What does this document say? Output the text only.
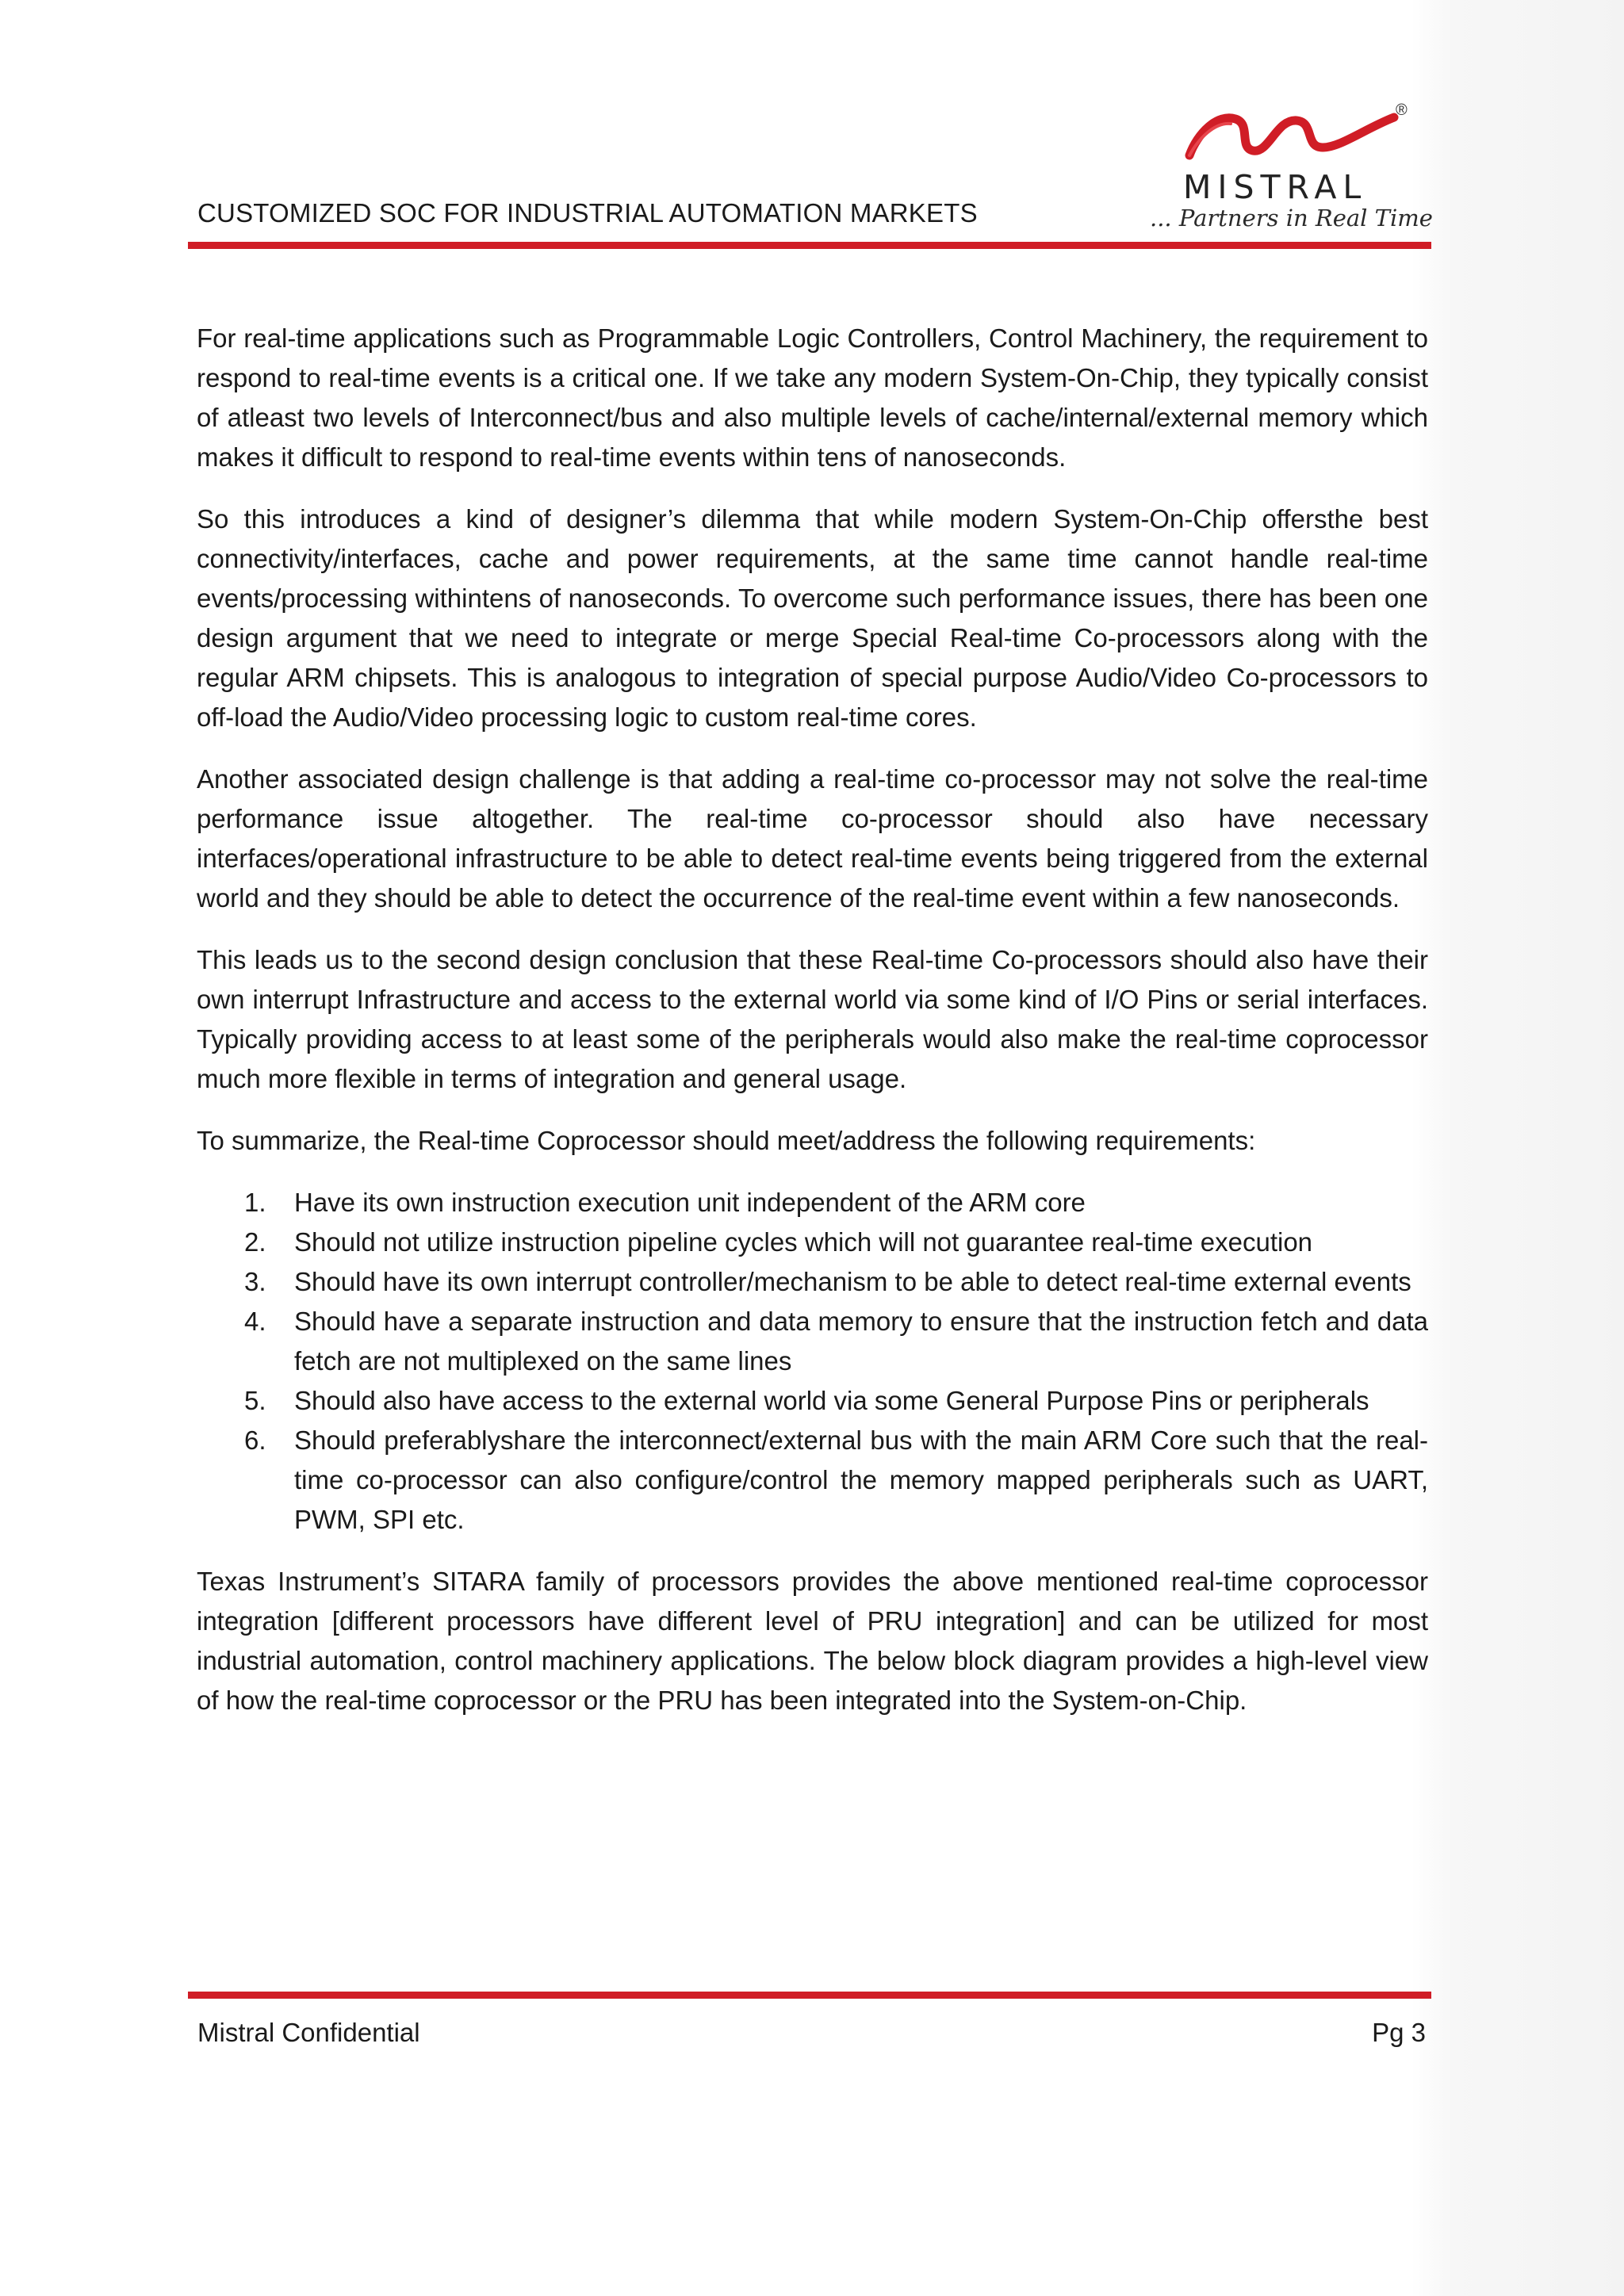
CUSTOMIZED SOC FOR INDUSTRIAL AUTOMATION MARKETS
®
MISTRAL
... Partners in Real Time

For real-time applications such as Programmable Logic Controllers, Control Machinery, the requirement to respond to real-time events is a critical one. If we take any modern System-On-Chip, they typically consist of atleast two levels of Interconnect/bus and also multiple levels of cache/internal/external memory which makes it difficult to respond to real-time events within tens of nanoseconds.

So this introduces a kind of designer’s dilemma that while modern System-On-Chip offersthe best connectivity/interfaces, cache and power requirements, at the same time cannot handle real-time events/processing withintens of nanoseconds. To overcome such performance issues, there has been one design argument that we need to integrate or merge Special Real-time Co-processors along with the regular ARM chipsets. This is analogous to integration of special purpose Audio/Video Co-processors to off-load the Audio/Video processing logic to custom real-time cores.

Another associated design challenge is that adding a real-time co-processor may not solve the real-time performance issue altogether. The real-time co-processor should also have necessary interfaces/operational infrastructure to be able to detect real-time events being triggered from the external world and they should be able to detect the occurrence of the real-time event within a few nanoseconds.

This leads us to the second design conclusion that these Real-time Co-processors should also have their own interrupt Infrastructure and access to the external world via some kind of I/O Pins or serial interfaces. Typically providing access to at least some of the peripherals would also make the real-time coprocessor much more flexible in terms of integration and general usage.

To summarize, the Real-time Coprocessor should meet/address the following requirements:

1. Have its own instruction execution unit independent of the ARM core
2. Should not utilize instruction pipeline cycles which will not guarantee real-time execution
3. Should have its own interrupt controller/mechanism to be able to detect real-time external events
4. Should have a separate instruction and data memory to ensure that the instruction fetch and data fetch are not multiplexed on the same lines
5. Should also have access to the external world via some General Purpose Pins or peripherals
6. Should preferablyshare the interconnect/external bus with the main ARM Core such that the real-time co-processor can also configure/control the memory mapped peripherals such as UART, PWM, SPI etc.

Texas Instrument’s SITARA family of processors provides the above mentioned real-time coprocessor integration [different processors have different level of PRU integration] and can be utilized for most industrial automation, control machinery applications. The below block diagram provides a high-level view of how the real-time coprocessor or the PRU has been integrated into the System-on-Chip.

Mistral Confidential	Pg 3
